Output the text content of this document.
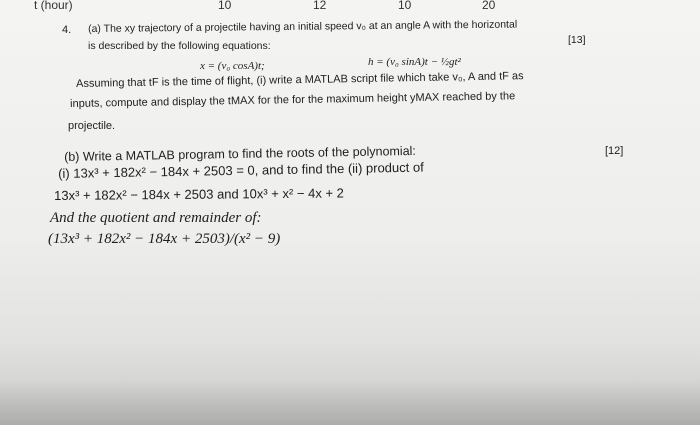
t (hour)	10	12	10	20
4. (a) The xy trajectory of a projectile having an initial speed v₀ at an angle A with the horizontal
is described by the following equations:	[13]
x = (v₀ cosA)t;	h = (v₀ sinA)t − ½gt²
Assuming that tF is the time of flight, (i) write a MATLAB script file which take v₀, A and tF as
inputs, compute and display the tMAX for the for the maximum height yMAX reached by the
projectile.
(b) Write a MATLAB program to find the roots of the polynomial:	[12]
(i) 13x³ + 182x² − 184x + 2503 = 0, and to find the (ii) product of
13x³ + 182x² − 184x + 2503 and 10x³ + x² − 4x + 2
And the quotient and remainder of:
(13x³ + 182x² − 184x + 2503)/(x² − 9)
